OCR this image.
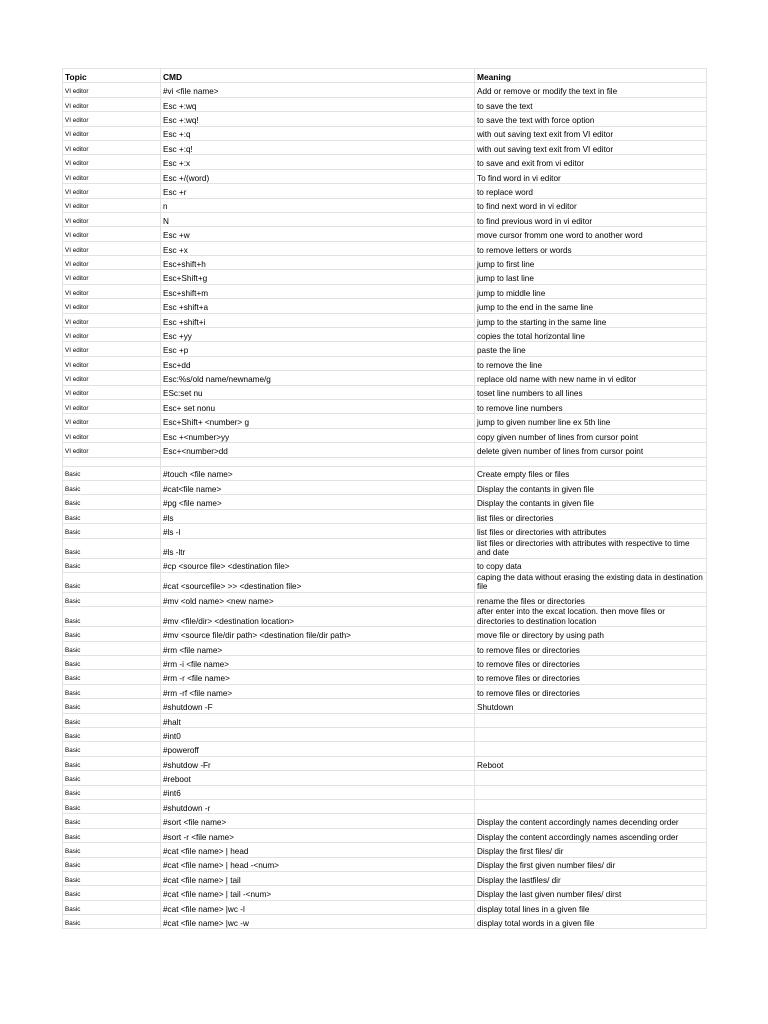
Topic	CMD	Meaning
VI editor	#vi <file name>	Add or remove or modify the text in file
VI editor	Esc +:wq	to save the text
VI editor	Esc +:wq!	to save the text with force option
VI editor	Esc +:q	with out saving text exit from VI editor
VI editor	Esc +:q!	with out saving text exit from VI editor
VI editor	Esc +:x	to save and exit from vi editor
VI editor	Esc +/(word)	To find word in vi editor
VI editor	Esc +r	to replace word
VI editor	n	to find next word in vi editor
VI editor	N	to find previous word in vi editor
VI editor	Esc +w	move cursor fromm one word to another word
VI editor	Esc +x	to remove letters or words
VI editor	Esc+shift+h	jump to first line
VI editor	Esc+Shift+g	jump to last line
VI editor	Esc+shift+m	jump to middle line
VI editor	Esc +shift+a	jump to the end in the same line
VI editor	Esc +shift+i	jump to the starting in the same line
VI editor	Esc +yy	copies the total horizontal line
VI editor	Esc +p	paste the line
VI editor	Esc+dd	to remove the line
VI editor	Esc:%s/old name/newname/g	replace old name with new name in vi editor
VI editor	ESc:set nu	toset line numbers to all lines
VI editor	Esc+ set nonu	to remove line numbers
VI editor	Esc+Shift+ <number> g	jump to given number line ex 5th line
VI editor	Esc +<number>yy	copy given number of lines from cursor point
VI editor	Esc+<number>dd	delete given number of lines from cursor point

Basic	#touch <file name>	Create empty files or files
Basic	#cat<file name>	Display the contants in given file
Basic	#pg <file name>	Display the contants in given file
Basic	#ls	list files or directories
Basic	#ls -l	list files or directories with attributes
Basic	#ls -ltr	list files or directories with attributes with respective to time and date
Basic	#cp <source file> <destination file>	to copy data
Basic	#cat <sourcefile> >> <destination file>	caping the data without erasing the existing data in destination file
Basic	#mv <old name> <new name>	rename the files or directories
Basic	#mv <file/dir> <destination location>	after enter into the excat location. then move files or directories to destination location
Basic	#mv <source file/dir path> <destination file/dir path>	move file or directory by using path
Basic	#rm <file name>	to remove files or directories
Basic	#rm -i <file name>	to remove files or directories
Basic	#rm -r <file name>	to remove files or directories
Basic	#rm -rf <file name>	to remove files or directories
Basic	#shutdown -F	Shutdown
Basic	#halt	
Basic	#int0	
Basic	#poweroff	
Basic	#shutdow -Fr	Reboot
Basic	#reboot	
Basic	#int6	
Basic	#shutdown -r	
Basic	#sort <file name>	Display the content accordingly names decending order
Basic	#sort -r <file name>	Display the content accordingly names ascending order
Basic	#cat <file name> | head	Display the first files/ dir
Basic	#cat <file name> | head -<num>	Display the first given number files/ dir
Basic	#cat <file name> | tail	Display the lastfiles/ dir
Basic	#cat <file name> | tail -<num>	Display the last given number files/ dirst
Basic	#cat <file name> |wc -l	display total lines in a given file
Basic	#cat <file name> |wc -w	display total words in a given file
